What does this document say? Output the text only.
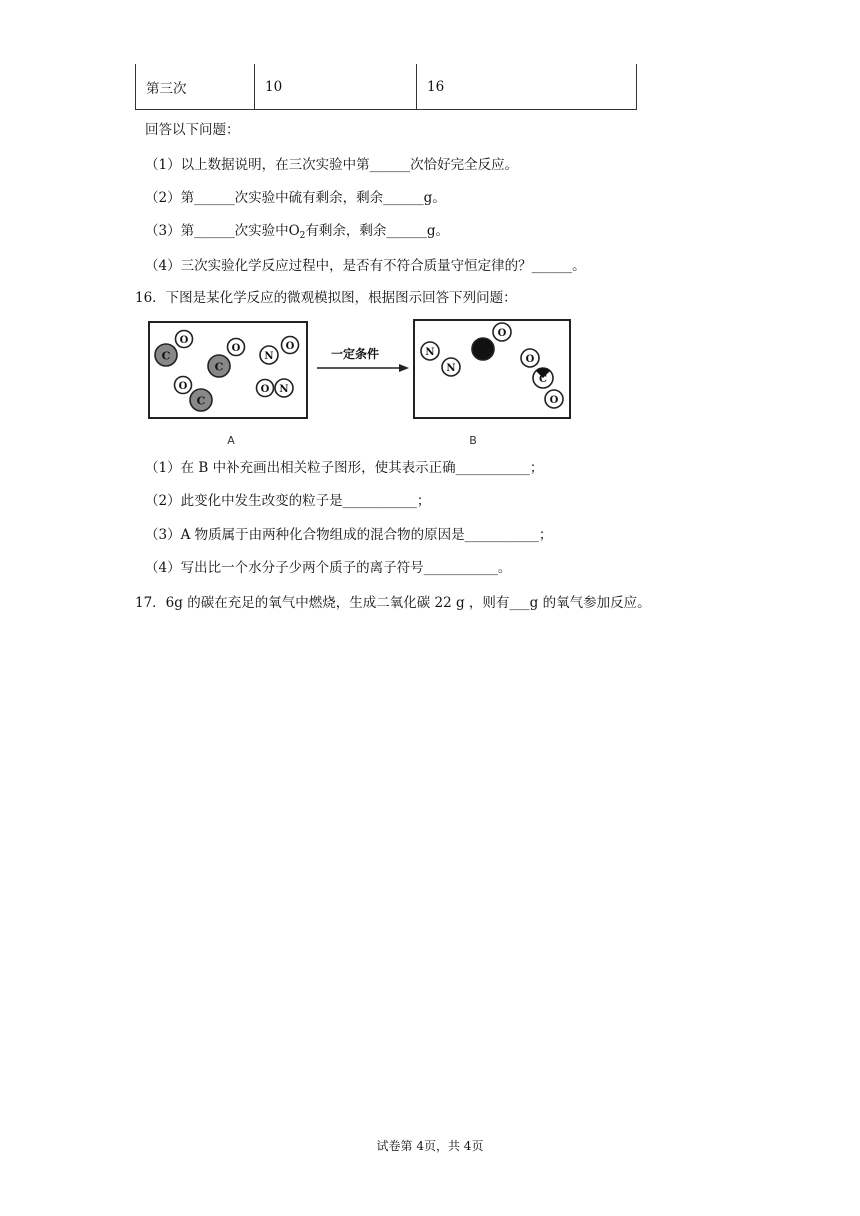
第三次	10	16
回答以下问题：
（1）以上数据说明，在三次实验中第______次恰好完全反应。
（2）第______次实验中硫有剩余，剩余______g。
（3）第______次实验中$O_2$有剩余，剩余______g。
（4）三次实验化学反应过程中，是否有不符合质量守恒定律的？______。
16．下图是某化学反应的微观模拟图，根据图示回答下列问题：
C
O
C
O
C
O
N
O
O N
一定条件	N
N
O
O
C
O
A	B
（1）在 B 中补充画出相关粒子图形，使其表示正确___________；
（2）此变化中发生改变的粒子是___________；
（3）A 物质属于由两种化合物组成的混合物的原因是___________；
（4）写出比一个水分子少两个质子的离子符号___________。
17．6g 的碳在充足的氧气中燃烧，生成二氧化碳 22 g ，则有___g 的氧气参加反应。
试卷第 4页，共 4页
